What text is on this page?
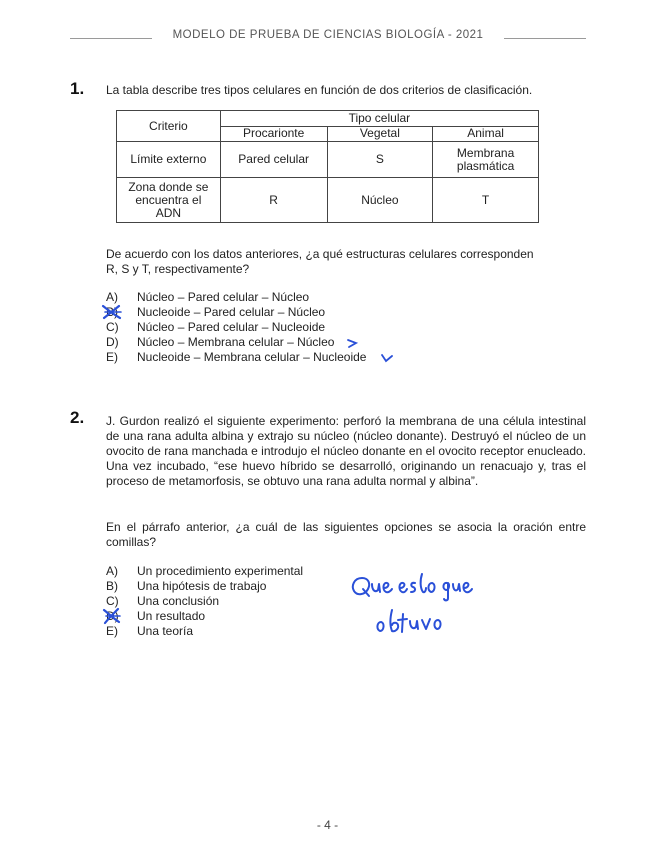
MODELO DE PRUEBA DE CIENCIAS BIOLOGÍA - 2021
1. La tabla describe tres tipos celulares en función de dos criterios de clasificación.
Criterio	Tipo celular		
	Procarionte	Vegetal	Animal
Límite externo	Pared celular	S	Membrana
plasmática

Zona donde se
encuentra el
ADN	R	Núcleo	T
De acuerdo con los datos anteriores, ¿a qué estructuras celulares corresponden
R, S y T, respectivamente?
A) Núcleo – Pared celular – Núcleo
B) Nucleoide – Pared celular – Núcleo
C) Núcleo – Pared celular – Nucleoide
D) Núcleo – Membrana celular – Núcleo
E) Nucleoide – Membrana celular – Nucleoide
2. J. Gurdon realizó el siguiente experimento: perforó la membrana de una célula intestinal de una rana adulta albina y extrajo su núcleo (núcleo donante). Destruyó el núcleo de un ovocito de rana manchada e introdujo el núcleo donante en el ovocito receptor enucleado. Una vez incubado, “ese huevo híbrido se desarrolló, originando un renacuajo y, tras el proceso de metamorfosis, se obtuvo una rana adulta normal y albina”.
En el párrafo anterior, ¿a cuál de las siguientes opciones se asocia la oración entre comillas?
A) Un procedimiento experimental
B) Una hipótesis de trabajo
C) Una conclusión
D) Un resultado
E) Una teoría
- 4 -
